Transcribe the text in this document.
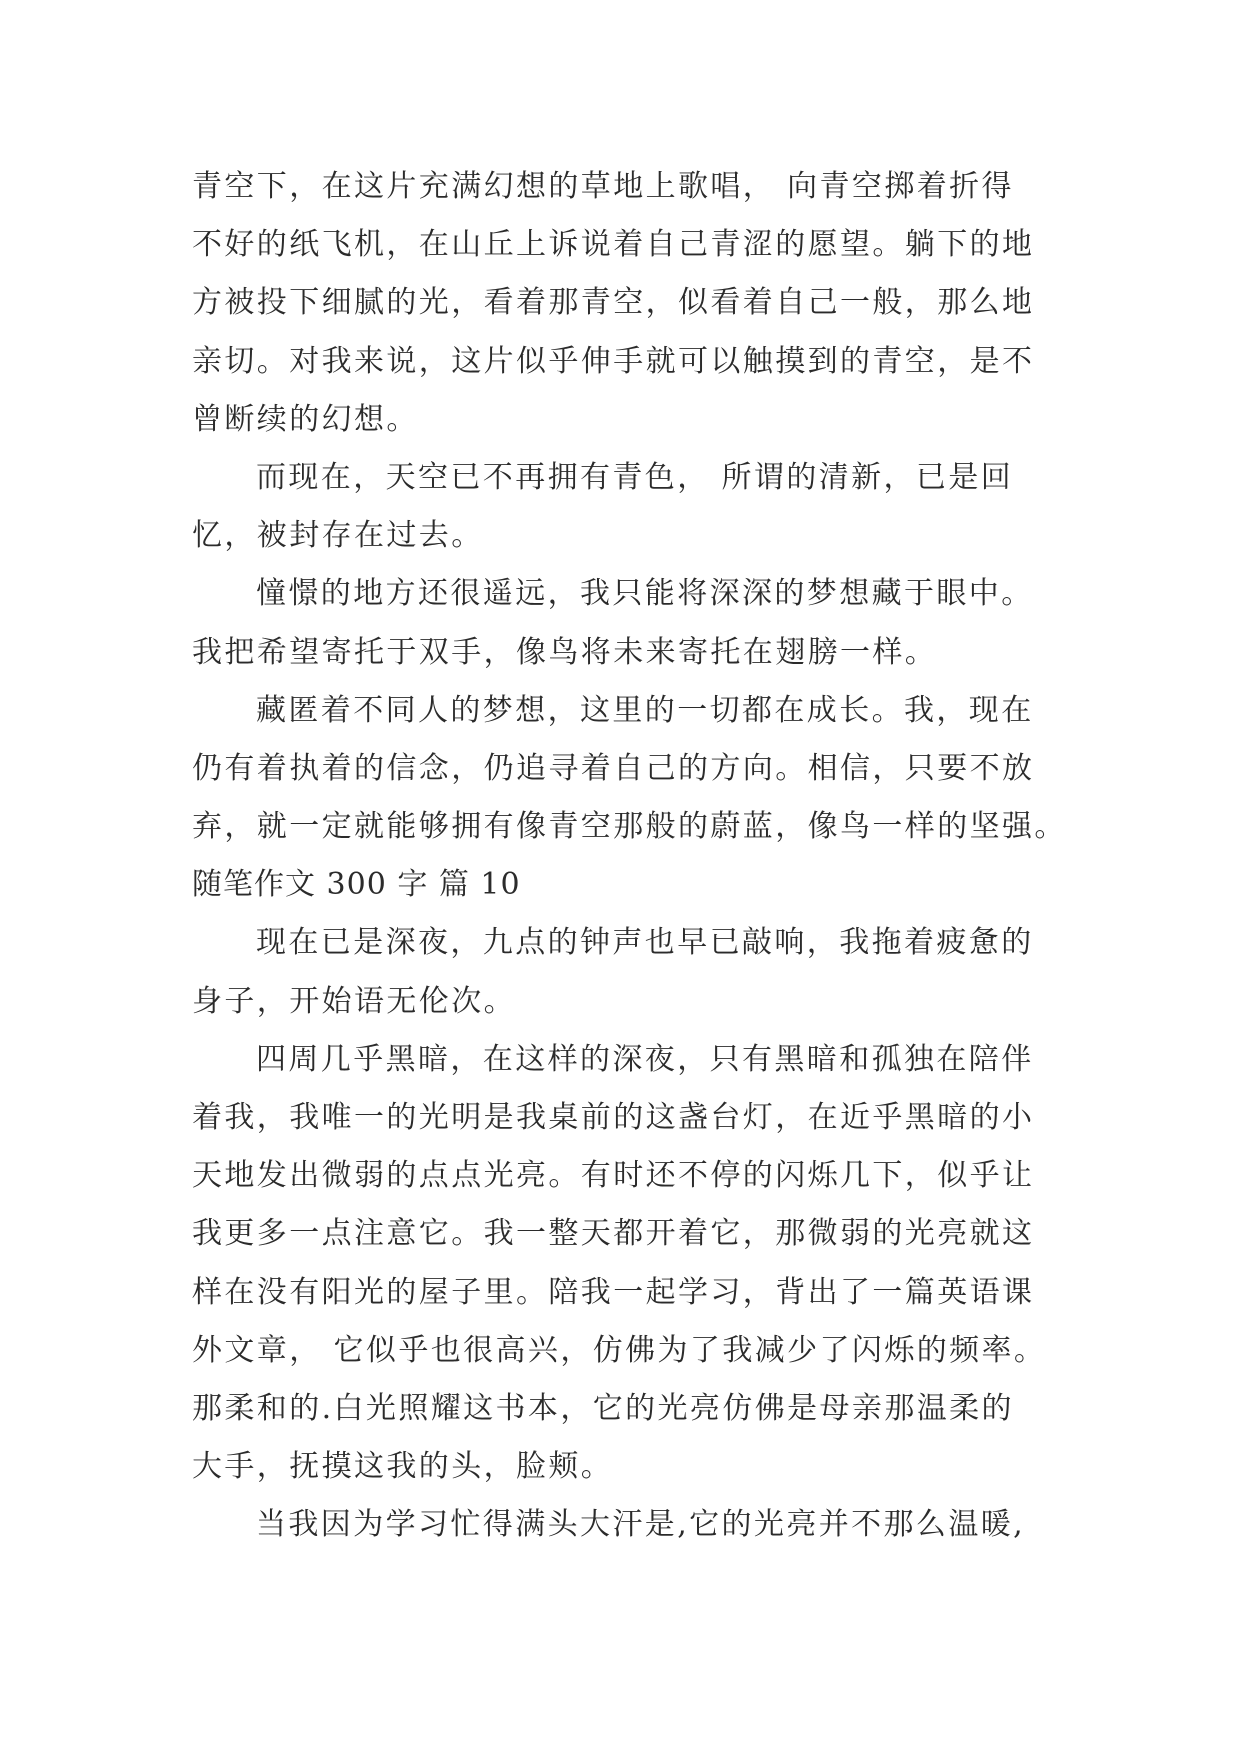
青空下，在这片充满幻想的草地上歌唱， 向青空掷着折得
不好的纸飞机，在山丘上诉说着自己青涩的愿望。躺下的地
方被投下细腻的光，看着那青空，似看着自己一般，那么地
亲切。对我来说，这片似乎伸手就可以触摸到的青空，是不
曾断续的幻想。
而现在，天空已不再拥有青色， 所谓的清新，已是回
忆，被封存在过去。
憧憬的地方还很遥远，我只能将深深的梦想藏于眼中。
我把希望寄托于双手，像鸟将未来寄托在翅膀一样。
藏匿着不同人的梦想，这里的一切都在成长。我，现在
仍有着执着的信念，仍追寻着自己的方向。相信，只要不放
弃，就一定就能够拥有像青空那般的蔚蓝，像鸟一样的坚强。
随笔作文 300 字 篇 10
现在已是深夜，九点的钟声也早已敲响，我拖着疲惫的
身子，开始语无伦次。
四周几乎黑暗，在这样的深夜，只有黑暗和孤独在陪伴
着我，我唯一的光明是我桌前的这盏台灯，在近乎黑暗的小
天地发出微弱的点点光亮。有时还不停的闪烁几下，似乎让
我更多一点注意它。我一整天都开着它，那微弱的光亮就这
样在没有阳光的屋子里。陪我一起学习，背出了一篇英语课
外文章， 它似乎也很高兴，仿佛为了我减少了闪烁的频率。
那柔和的.白光照耀这书本，它的光亮仿佛是母亲那温柔的
大手，抚摸这我的头，脸颊。
当我因为学习忙得满头大汗是,它的光亮并不那么温暖,
